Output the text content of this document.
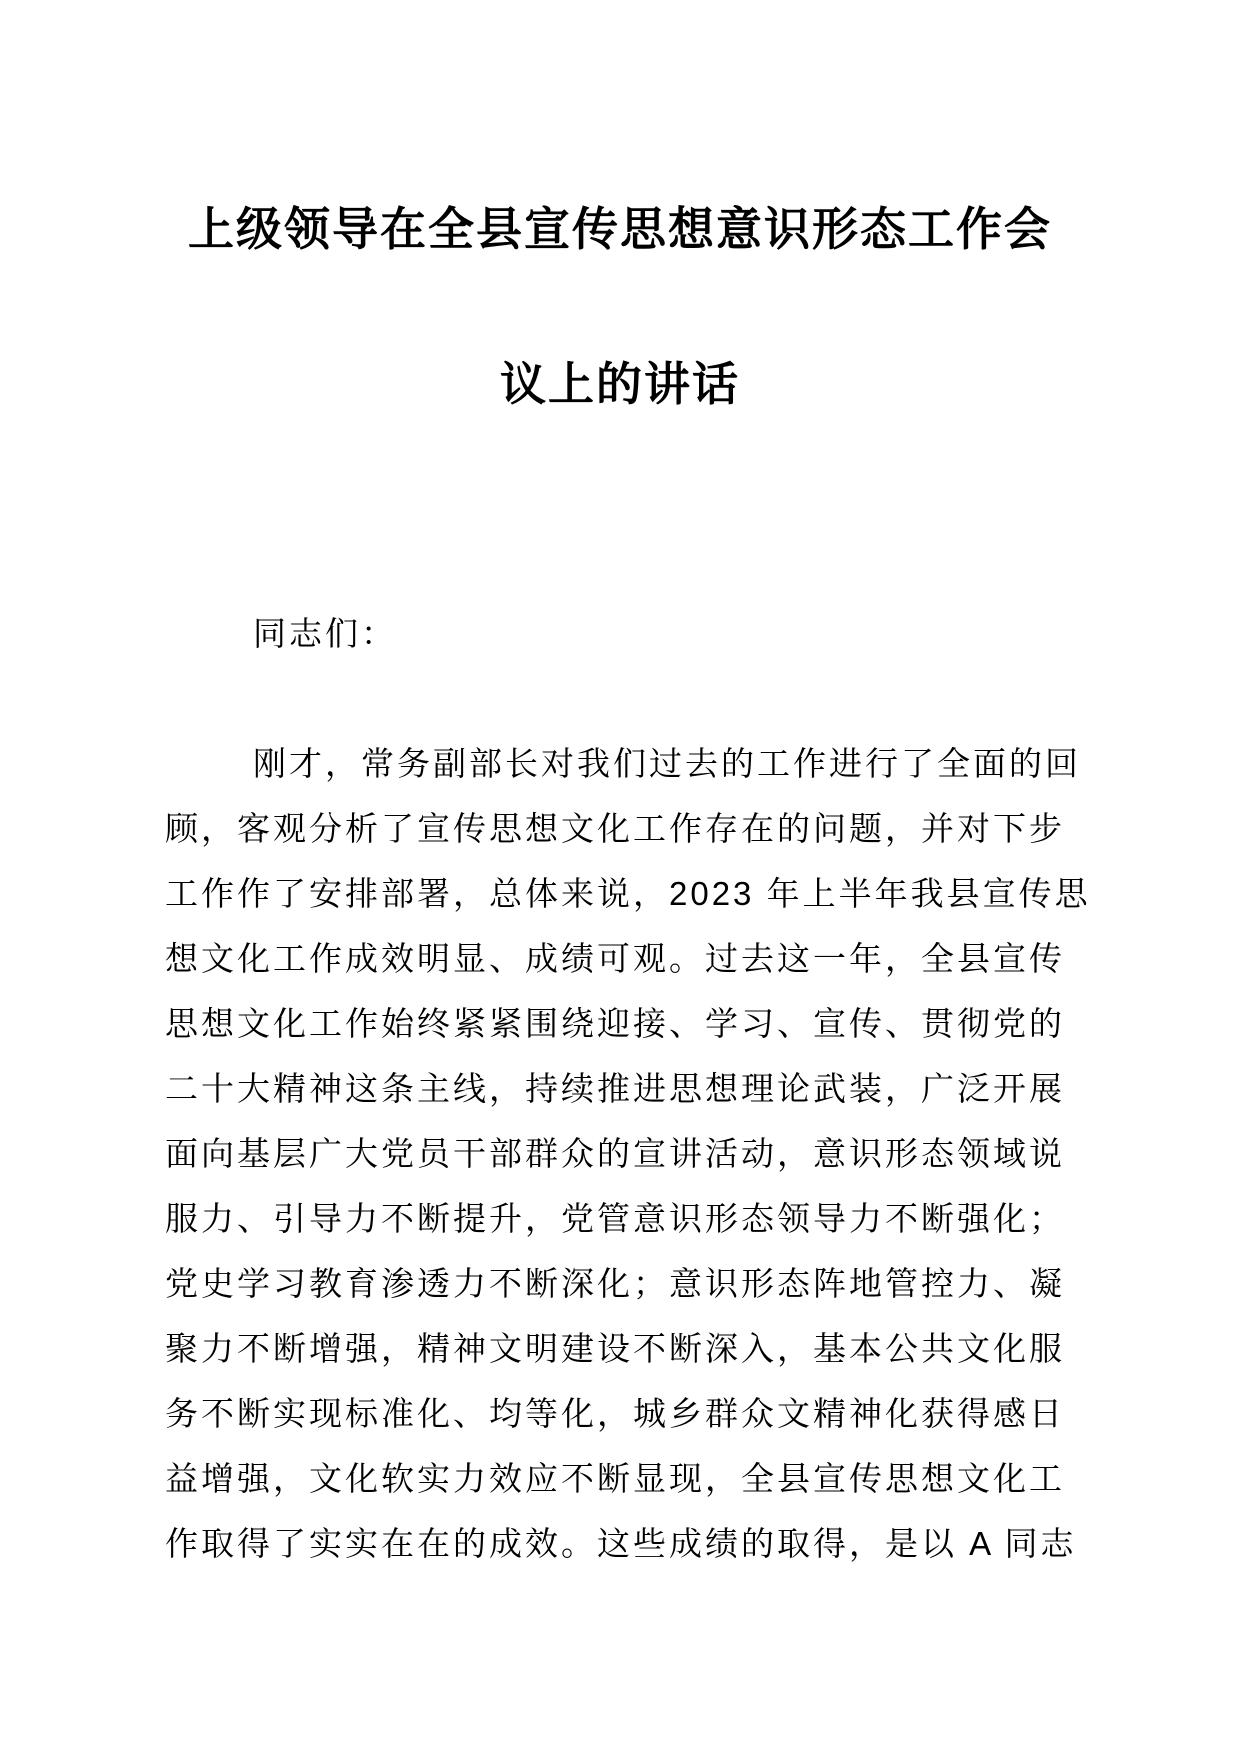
上级领导在全县宣传思想意识形态工作会
议上的讲话
同志们：
刚才，常务副部长对我们过去的工作进行了全面的回
顾，客观分析了宣传思想文化工作存在的问题，并对下步
工作作了安排部署，总体来说，2023 年上半年我县宣传思
想文化工作成效明显、成绩可观。过去这一年，全县宣传
思想文化工作始终紧紧围绕迎接、学习、宣传、贯彻党的
二十大精神这条主线，持续推进思想理论武装，广泛开展
面向基层广大党员干部群众的宣讲活动，意识形态领域说
服力、引导力不断提升，党管意识形态领导力不断强化；
党史学习教育渗透力不断深化；意识形态阵地管控力、凝
聚力不断增强，精神文明建设不断深入，基本公共文化服
务不断实现标准化、均等化，城乡群众文精神化获得感日
益增强，文化软实力效应不断显现，全县宣传思想文化工
作取得了实实在在的成效。这些成绩的取得，是以 A 同志
